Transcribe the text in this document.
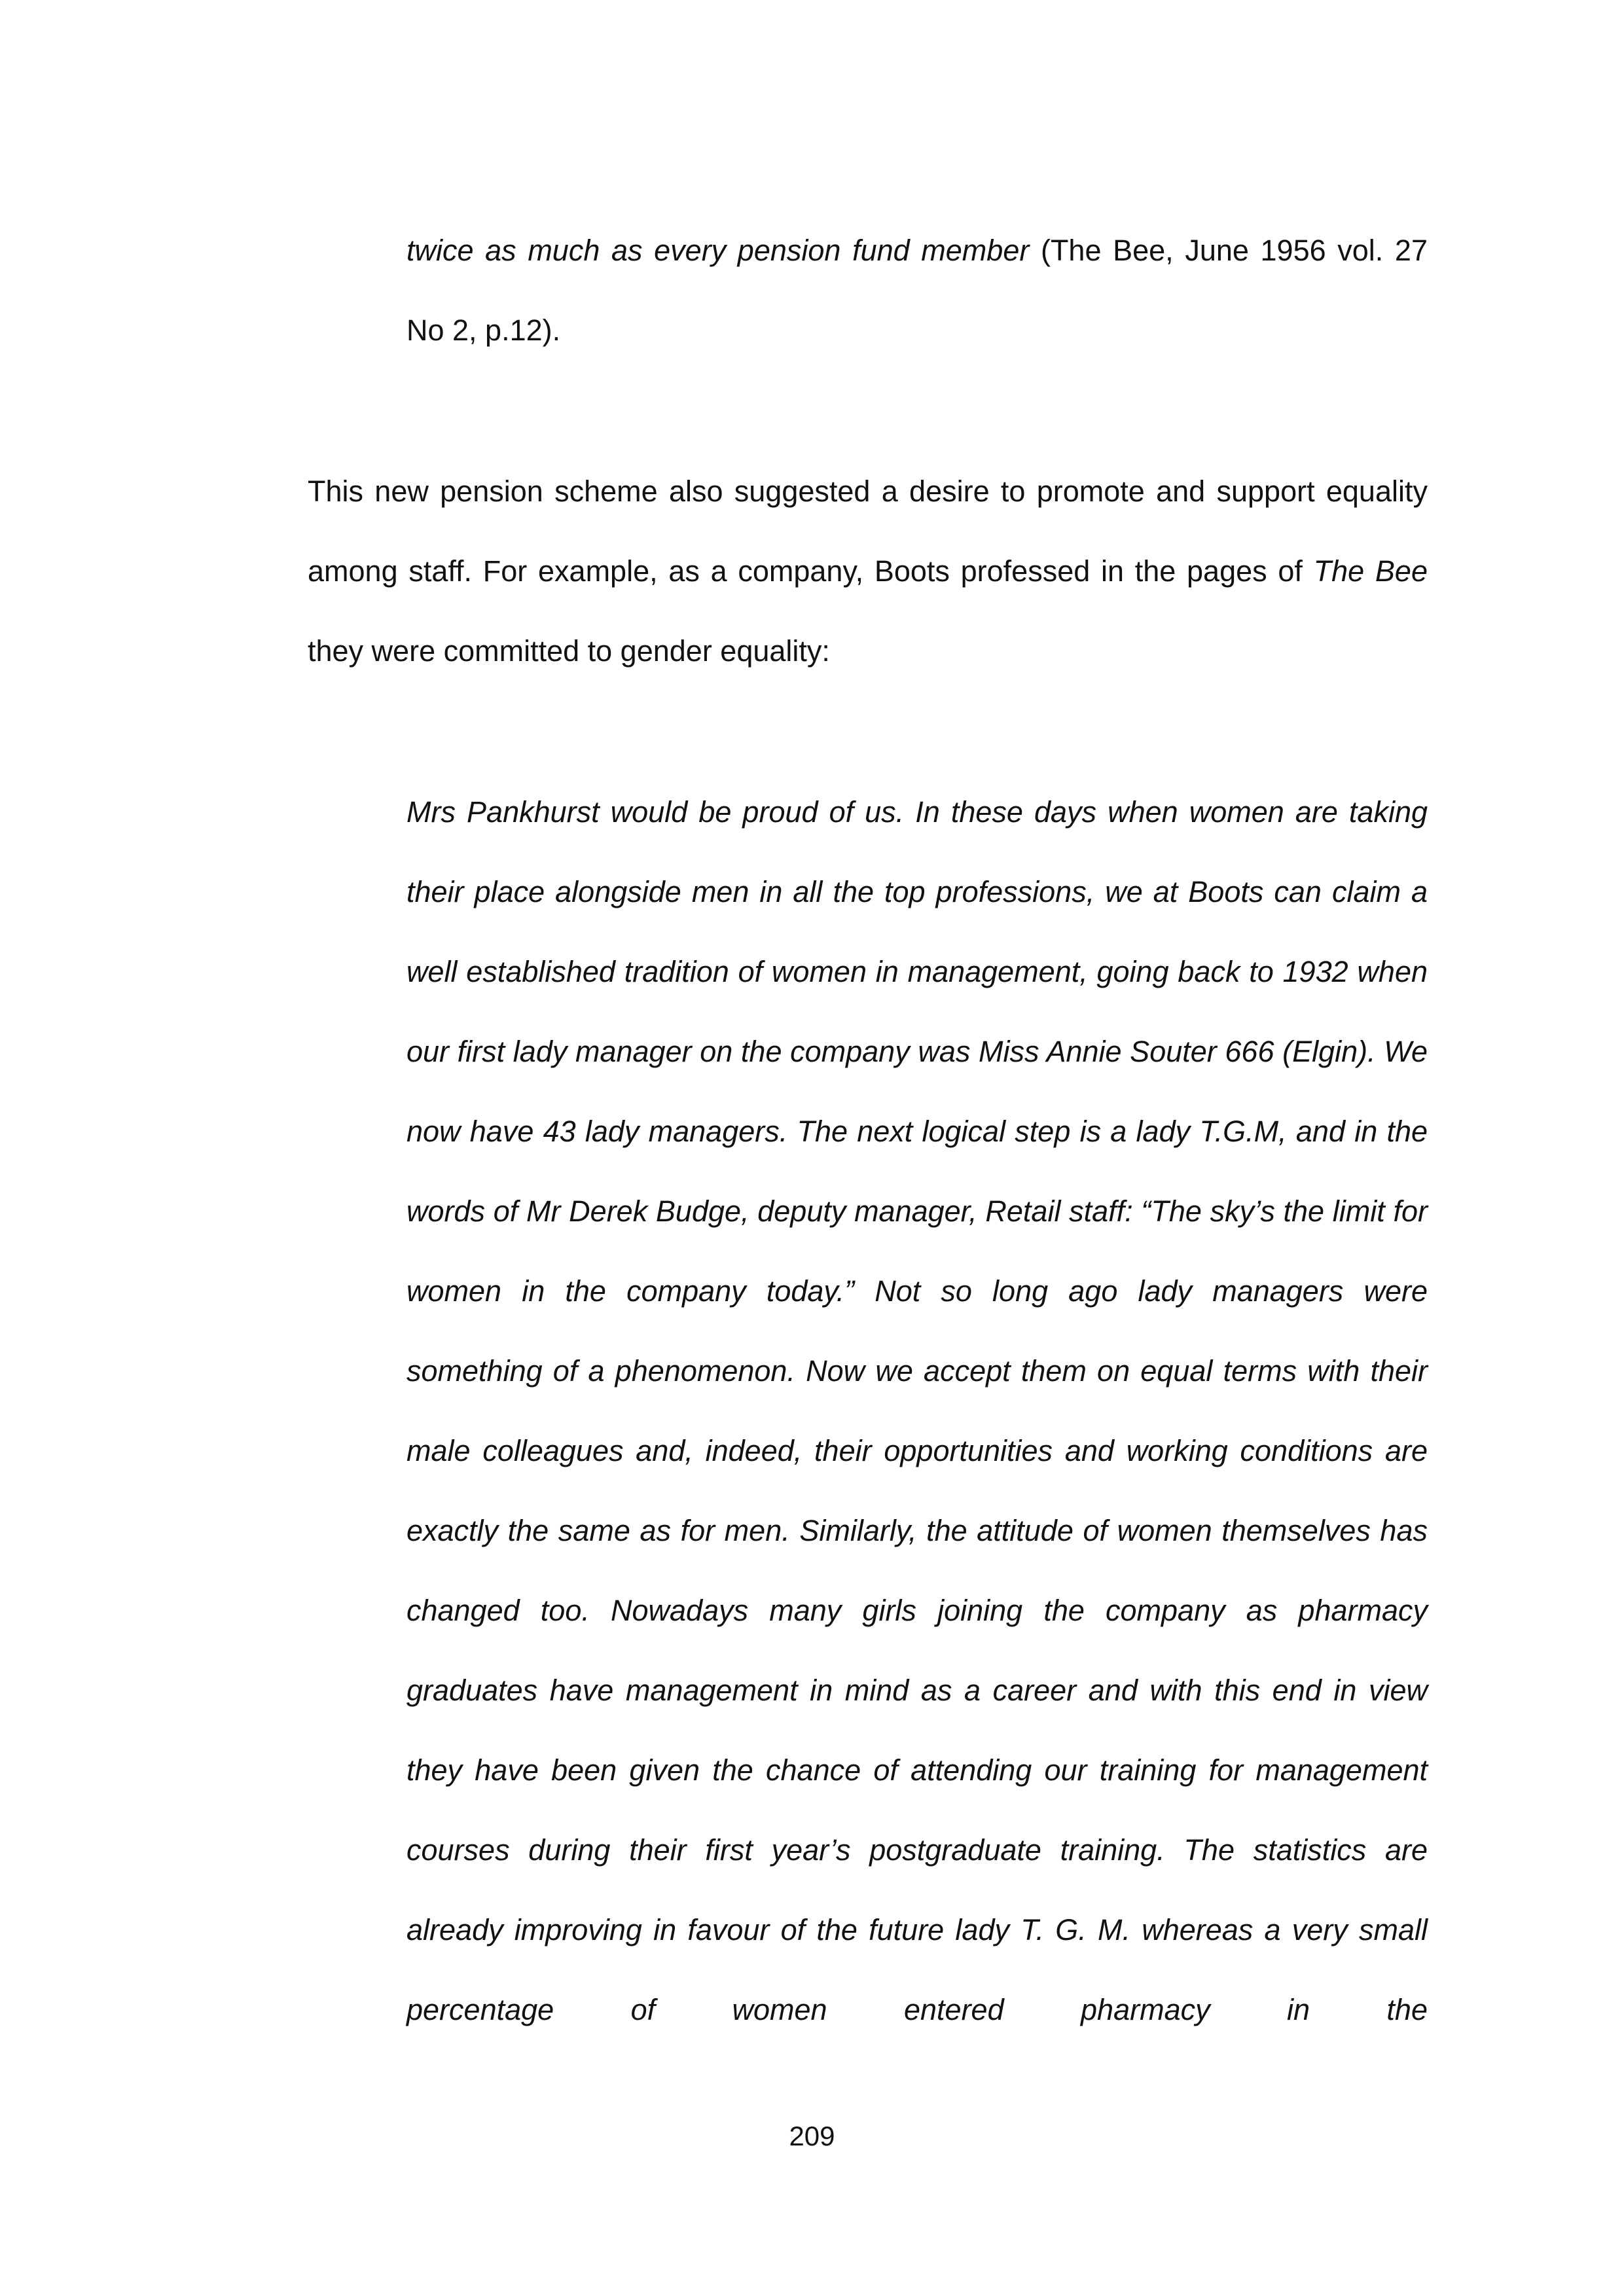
twice as much as every pension fund member (The Bee, June 1956 vol. 27 No 2, p.12).

This new pension scheme also suggested a desire to promote and support equality among staff. For example, as a company, Boots professed in the pages of The Bee they were committed to gender equality:

Mrs Pankhurst would be proud of us. In these days when women are taking their place alongside men in all the top professions, we at Boots can claim a well established tradition of women in management, going back to 1932 when our first lady manager on the company was Miss Annie Souter 666 (Elgin). We now have 43 lady managers. The next logical step is a lady T.G.M, and in the words of Mr Derek Budge, deputy manager, Retail staff: “The sky’s the limit for women in the company today.” Not so long ago lady managers were something of a phenomenon. Now we accept them on equal terms with their male colleagues and, indeed, their opportunities and working conditions are exactly the same as for men. Similarly, the attitude of women themselves has changed too. Nowadays many girls joining the company as pharmacy graduates have management in mind as a career and with this end in view they have been given the chance of attending our training for management courses during their first year’s postgraduate training. The statistics are already improving in favour of the future lady T. G. M. whereas a very small percentage of women entered pharmacy in the

209
